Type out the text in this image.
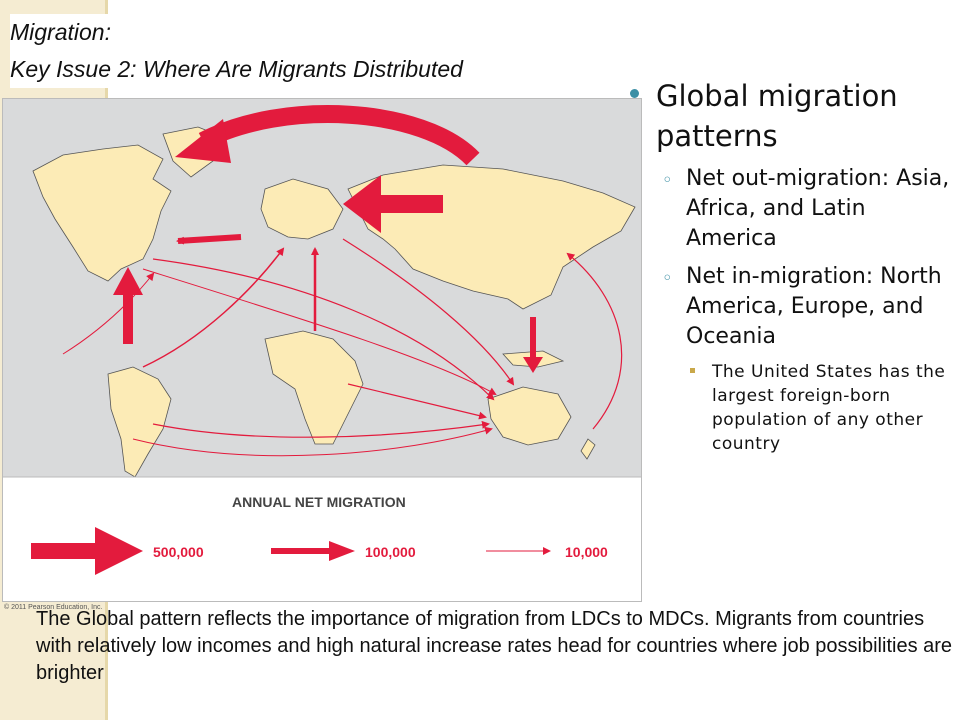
Migration:
Key Issue 2: Where Are Migrants Distributed
ANNUAL NET MIGRATION
500,000	100,000	10,000
© 2011 Pearson Education, Inc.
Global migration patterns
◦ Net out-migration: Asia, Africa, and Latin America
◦ Net in-migration: North America, Europe, and Oceania
The United States has the largest foreign-born population of any other country
The Global pattern reflects the importance of migration from LDCs to MDCs. Migrants from countries with relatively low incomes and high natural increase rates head for countries where job possibilities are brighter
